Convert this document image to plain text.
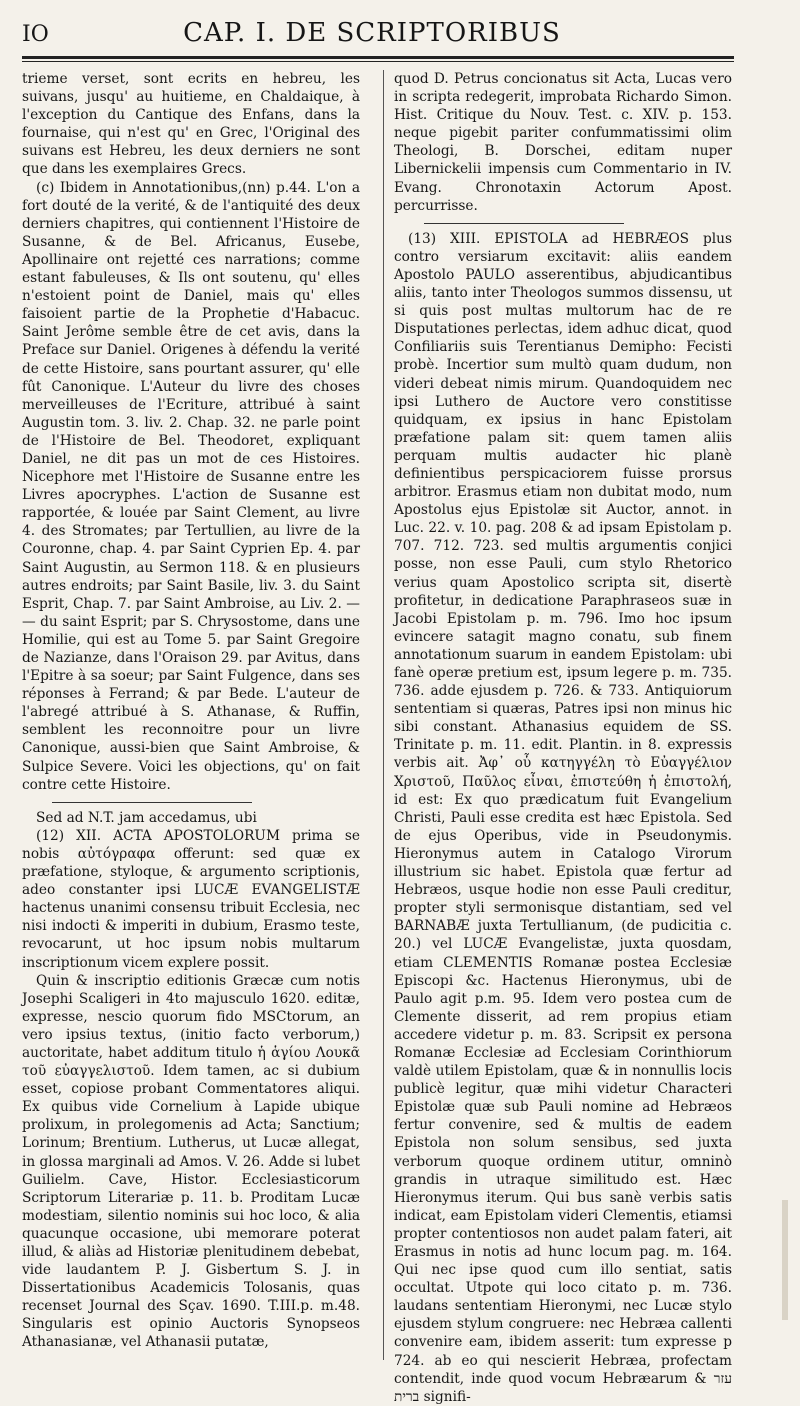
IO	CAP. I. DE SCRIPTORIBUS

trieme verset, sont ecrits en hebreu, les suivans, jusqu' au huitieme, en Chaldaique, à l'exception du Cantique des Enfans, dans la fournaise, qui n'est qu' en Grec, l'Original des suivans est Hebreu, les deux derniers ne sont que dans les exemplaires Grecs.

(c) Ibidem in Annotationibus,(nn) p.44. L'on a fort douté de la verité, & de l'antiquité des deux derniers chapitres, qui contiennent l'Histoire de Susanne, & de Bel. Africanus, Eusebe, Apollinaire ont rejetté ces narrations; comme estant fabuleuses, & Ils ont soutenu, qu' elles n'estoient point de Daniel, mais qu' elles faisoient partie de la Prophetie d'Habacuc. Saint Jerôme semble être de cet avis, dans la Preface sur Daniel. Origenes à défendu la verité de cette Histoire, sans pourtant assurer, qu' elle fût Canonique. L'Auteur du livre des choses merveilleuses de l'Ecriture, attribué à saint Augustin tom. 3. liv. 2. Chap. 32. ne parle point de l'Histoire de Bel. Theodoret, expliquant Daniel, ne dit pas un mot de ces Histoires. Nicephore met l'Histoire de Susanne entre les Livres apocryphes. L'action de Susanne est rapportée, & louée par Saint Clement, au livre 4. des Stromates; par Tertullien, au livre de la Couronne, chap. 4. par Saint Cyprien Ep. 4. par Saint Augustin, au Sermon 118. & en plusieurs autres endroits; par Saint Basile, liv. 3. du Saint Esprit, Chap. 7. par Saint Ambroise, au Liv. 2. — — du saint Esprit; par S. Chrysostome, dans une Homilie, qui est au Tome 5. par Saint Gregoire de Nazianze, dans l'Oraison 29. par Avitus, dans l'Epitre à sa soeur; par Saint Fulgence, dans ses réponses à Ferrand; & par Bede. L'auteur de l'abregé attribué à S. Athanase, & Ruffin, semblent les reconnoitre pour un livre Canonique, aussi-bien que Saint Ambroise, & Sulpice Severe. Voici les objections, qu' on fait contre cette Histoire.

Sed ad N.T. jam accedamus, ubi

(12) XII. ACTA APOSTOLORUM prima se nobis αὐτόγραφα offerunt: sed quæ ex præfatione, styloque, & argumento scriptionis, adeo constanter ipsi LUCÆ EVANGELISTÆ hactenus unanimi consensu tribuit Ecclesia, nec nisi indocti & imperiti in dubium, Erasmo teste, revocarunt, ut hoc ipsum nobis multarum inscriptionum vicem explere possit.

Quin & inscriptio editionis Græcæ cum notis Josephi Scaligeri in 4to majusculo 1620. editæ, expresse, nescio quorum fido MSCtorum, an vero ipsius textus, (initio facto verborum,) auctoritate, habet additum titulo ἡ ἁγίου Λουκᾶ τοῦ εὐαγγελιστοῦ. Idem tamen, ac si dubium esset, copiose probant Commentatores aliqui. Ex quibus vide Cornelium à Lapide ubique prolixum, in prolegomenis ad Acta; Sanctium; Lorinum; Brentium. Lutherus, ut Lucæ allegat, in glossa marginali ad Amos. V. 26. Adde si lubet Guilielm. Cave, Histor. Ecclesiasticorum Scriptorum Literariæ p. 11. b. Proditam Lucæ modestiam, silentio nominis sui hoc loco, & alia quacunque occasione, ubi memorare poterat illud, & aliàs ad Historiæ plenitudinem debebat, vide laudantem P. J. Gisbertum S. J. in Dissertationibus Academicis Tolosanis, quas recenset Journal des Sçav. 1690. T.III.p. m.48. Singularis est opinio Auctoris Synopseos Athanasianæ, vel Athanasii putatæ,

quod D. Petrus concionatus sit Acta, Lucas vero in scripta redegerit, improbata Richardo Simon. Hist. Critique du Nouv. Test. c. XIV. p. 153. neque pigebit pariter confummatissimi olim Theologi, B. Dorschei, editam nuper Libernickelii impensis cum Commentario in IV. Evang. Chronotaxin Actorum Apost. percurrisse.

(13) XIII. EPISTOLA ad HEBRÆOS plus contro versiarum excitavit: aliis eandem Apostolo PAULO asserentibus, abjudicantibus aliis, tanto inter Theologos summos dissensu, ut si quis post multas multorum hac de re Disputationes perlectas, idem adhuc dicat, quod Confiliariis suis Terentianus Demipho: Fecisti probè. Incertior sum multò quam dudum, non videri debeat nimis mirum. Quandoquidem nec ipsi Luthero de Auctore vero constitisse quidquam, ex ipsius in hanc Epistolam præfatione palam sit: quem tamen aliis perquam multis audacter hic planè definientibus perspicaciorem fuisse prorsus arbitror. Erasmus etiam non dubitat modo, num Apostolus ejus Epistolæ sit Auctor, annot. in Luc. 22. v. 10. pag. 208 & ad ipsam Epistolam p. 707. 712. 723. sed multis argumentis conjici posse, non esse Pauli, cum stylo Rhetorico verius quam Apostolico scripta sit, disertè profitetur, in dedicatione Paraphraseos suæ in Jacobi Epistolam p. m. 796. Imo hoc ipsum evincere satagit magno conatu, sub finem annotationum suarum in eandem Epistolam: ubi fanè operæ pretium est, ipsum legere p. m. 735. 736. adde ejusdem p. 726. & 733. Antiquiorum sententiam si quæras, Patres ipsi non minus hic sibi constant. Athanasius equidem de SS. Trinitate p. m. 11. edit. Plantin. in 8. expressis verbis ait. Ἀφ᾽ οὗ κατηγγέλη τὸ Εὐαγγέλιον Χριστοῦ, Παῦλος εἶναι, ἐπιστεύθη ἡ ἐπιστολή, id est: Ex quo prædicatum fuit Evangelium Christi, Pauli esse credita est hæc Epistola. Sed de ejus Operibus, vide in Pseudonymis. Hieronymus autem in Catalogo Virorum illustrium sic habet. Epistola quæ fertur ad Hebræos, usque hodie non esse Pauli creditur, propter styli sermonisque distantiam, sed vel BARNABÆ juxta Tertullianum, (de pudicitia c. 20.) vel LUCÆ Evangelistæ, juxta quosdam, etiam CLEMENTIS Romanæ postea Ecclesiæ Episcopi &c. Hactenus Hieronymus, ubi de Paulo agit p.m. 95. Idem vero postea cum de Clemente disserit, ad rem propius etiam accedere videtur p. m. 83. Scripsit ex persona Romanæ Ecclesiæ ad Ecclesiam Corinthiorum valdè utilem Epistolam, quæ & in nonnullis locis publicè legitur, quæ mihi videtur Characteri Epistolæ quæ sub Pauli nomine ad Hebræos fertur convenire, sed & multis de eadem Epistola non solum sensibus, sed juxta verborum quoque ordinem utitur, omninò grandis in utraque similitudo est. Hæc Hieronymus iterum. Qui bus sanè verbis satis indicat, eam Epistolam videri Clementis, etiamsi propter contentiosos non audet palam fateri, ait Erasmus in notis ad hunc locum pag. m. 164. Qui nec ipse quod cum illo sentiat, satis occultat. Utpote qui loco citato p. m. 736. laudans sententiam Hieronymi, nec Lucæ stylo ejusdem stylum congruere: nec Hebræa callenti convenire eam, ibidem asserit: tum expresse p 724. ab eo qui nescierit Hebræa, profectam contendit, inde quod vocum Hebræarum עזר & ברית signifi-
